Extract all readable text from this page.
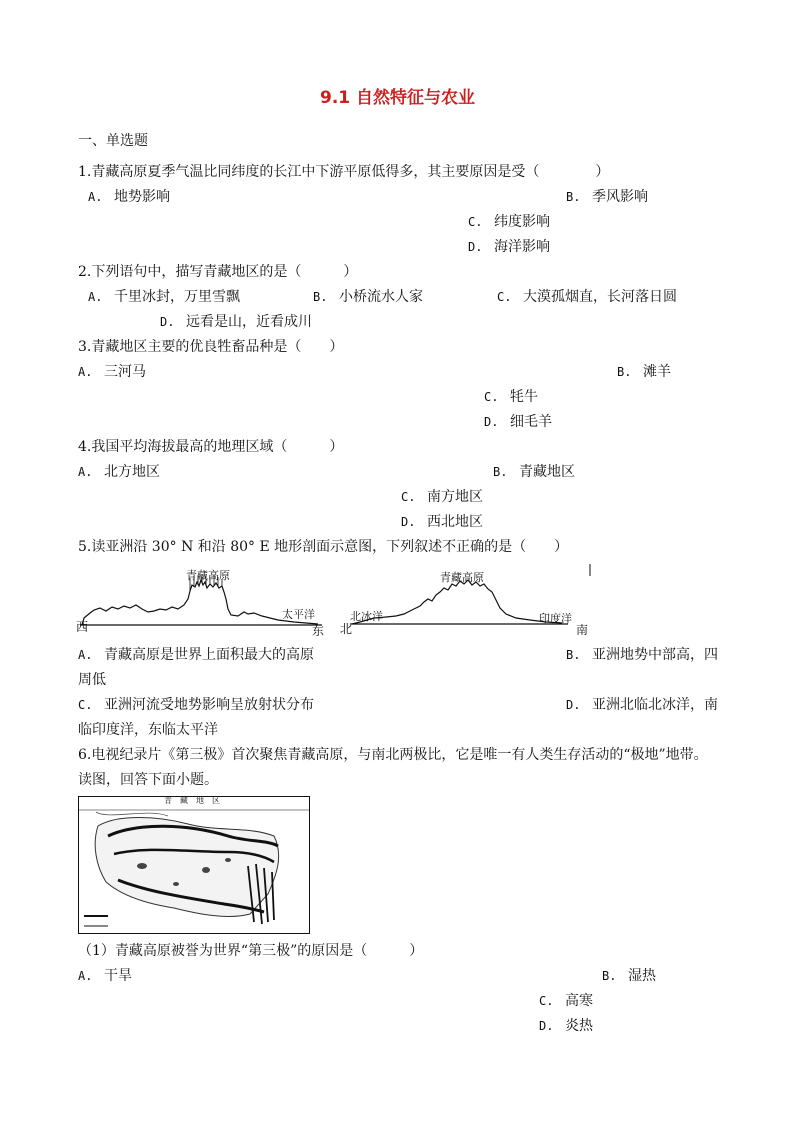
9.1 自然特征与农业
一、单选题
1.青藏高原夏季气温比同纬度的长江中下游平原低得多，其主要原因是受（　　　　）
A. 地势影响	B. 季风影响
C. 纬度影响
D. 海洋影响
2.下列语句中，描写青藏地区的是（　　　）
A. 千里冰封，万里雪飘	B. 小桥流水人家	C. 大漠孤烟直，长河落日圆
D. 远看是山，近看成川
3.青藏地区主要的优良牲畜品种是（　　）
A. 三河马	B. 滩羊
C. 牦牛
D. 细毛羊
4.我国平均海拔最高的地理区域（　　　）
A. 北方地区	B. 青藏地区
C. 南方地区
D. 西北地区
5.读亚洲沿 30° N 和沿 80° E 地形剖面示意图，下列叙述不正确的是（　　）
青藏高原
西
太平洋
东
青藏高原
北冰洋
北
印度洋
南
A. 青藏高原是世界上面积最大的高原	B. 亚洲地势中部高，四
周低
C. 亚洲河流受地势影响呈放射状分布	D. 亚洲北临北冰洋，南
临印度洋，东临太平洋
6.电视纪录片《第三极》首次聚焦青藏高原，与南北两极比，它是唯一有人类生存活动的“极地”地带。
读图，回答下面小题。
青　藏　地　区
（1）青藏高原被誉为世界“第三极”的原因是（　　　）
A. 干旱	B. 湿热
C. 高寒
D. 炎热
